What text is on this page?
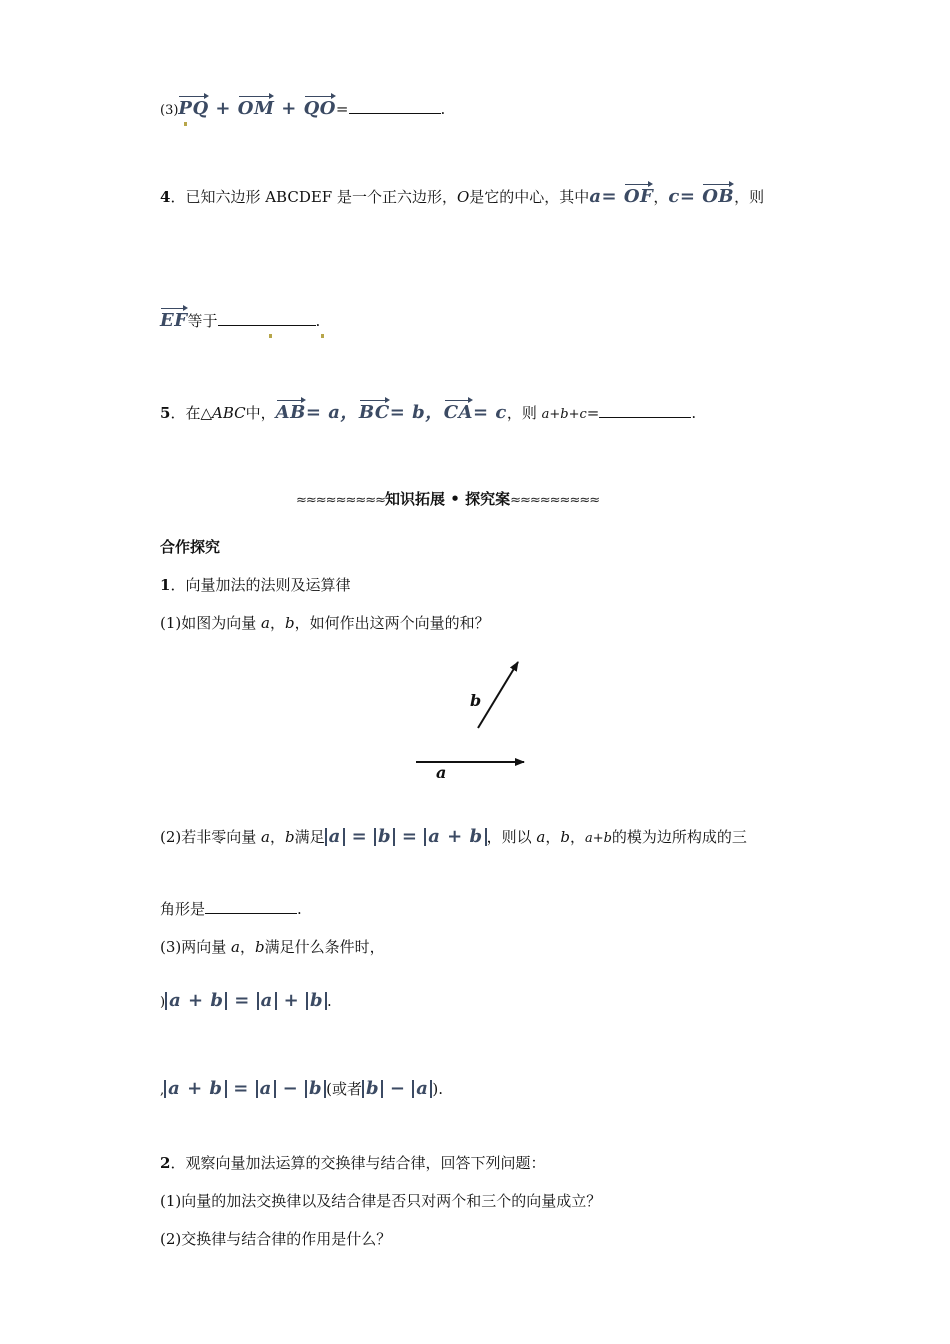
(3)PQ + OM + QO=	.
4．已知六边形 ABCDEF 是一个正六边形，O是它的中心，其中a= OF，c= OB，则
EF等于	.
5．在△ABC中，AB= a，BC= b，CA= c，则 a+b+c=	.
≈≈≈≈≈≈≈≈≈知识拓展 • 探究案≈≈≈≈≈≈≈≈≈
合作探究
1．向量加法的法则及运算律
(1)如图为向量 a，b，如何作出这两个向量的和？
b
a
(2)若非零向量 a，b满足 a = b = a + b ，则以 a，b，a+b的模为边所构成的三
角形是	.
(3)两向量 a，b满足什么条件时，
) a + b = a + b .
, a + b = a − b (或者 b − a ).
2．观察向量加法运算的交换律与结合律，回答下列问题：
(1)向量的加法交换律以及结合律是否只对两个和三个的向量成立？
(2)交换律与结合律的作用是什么？
